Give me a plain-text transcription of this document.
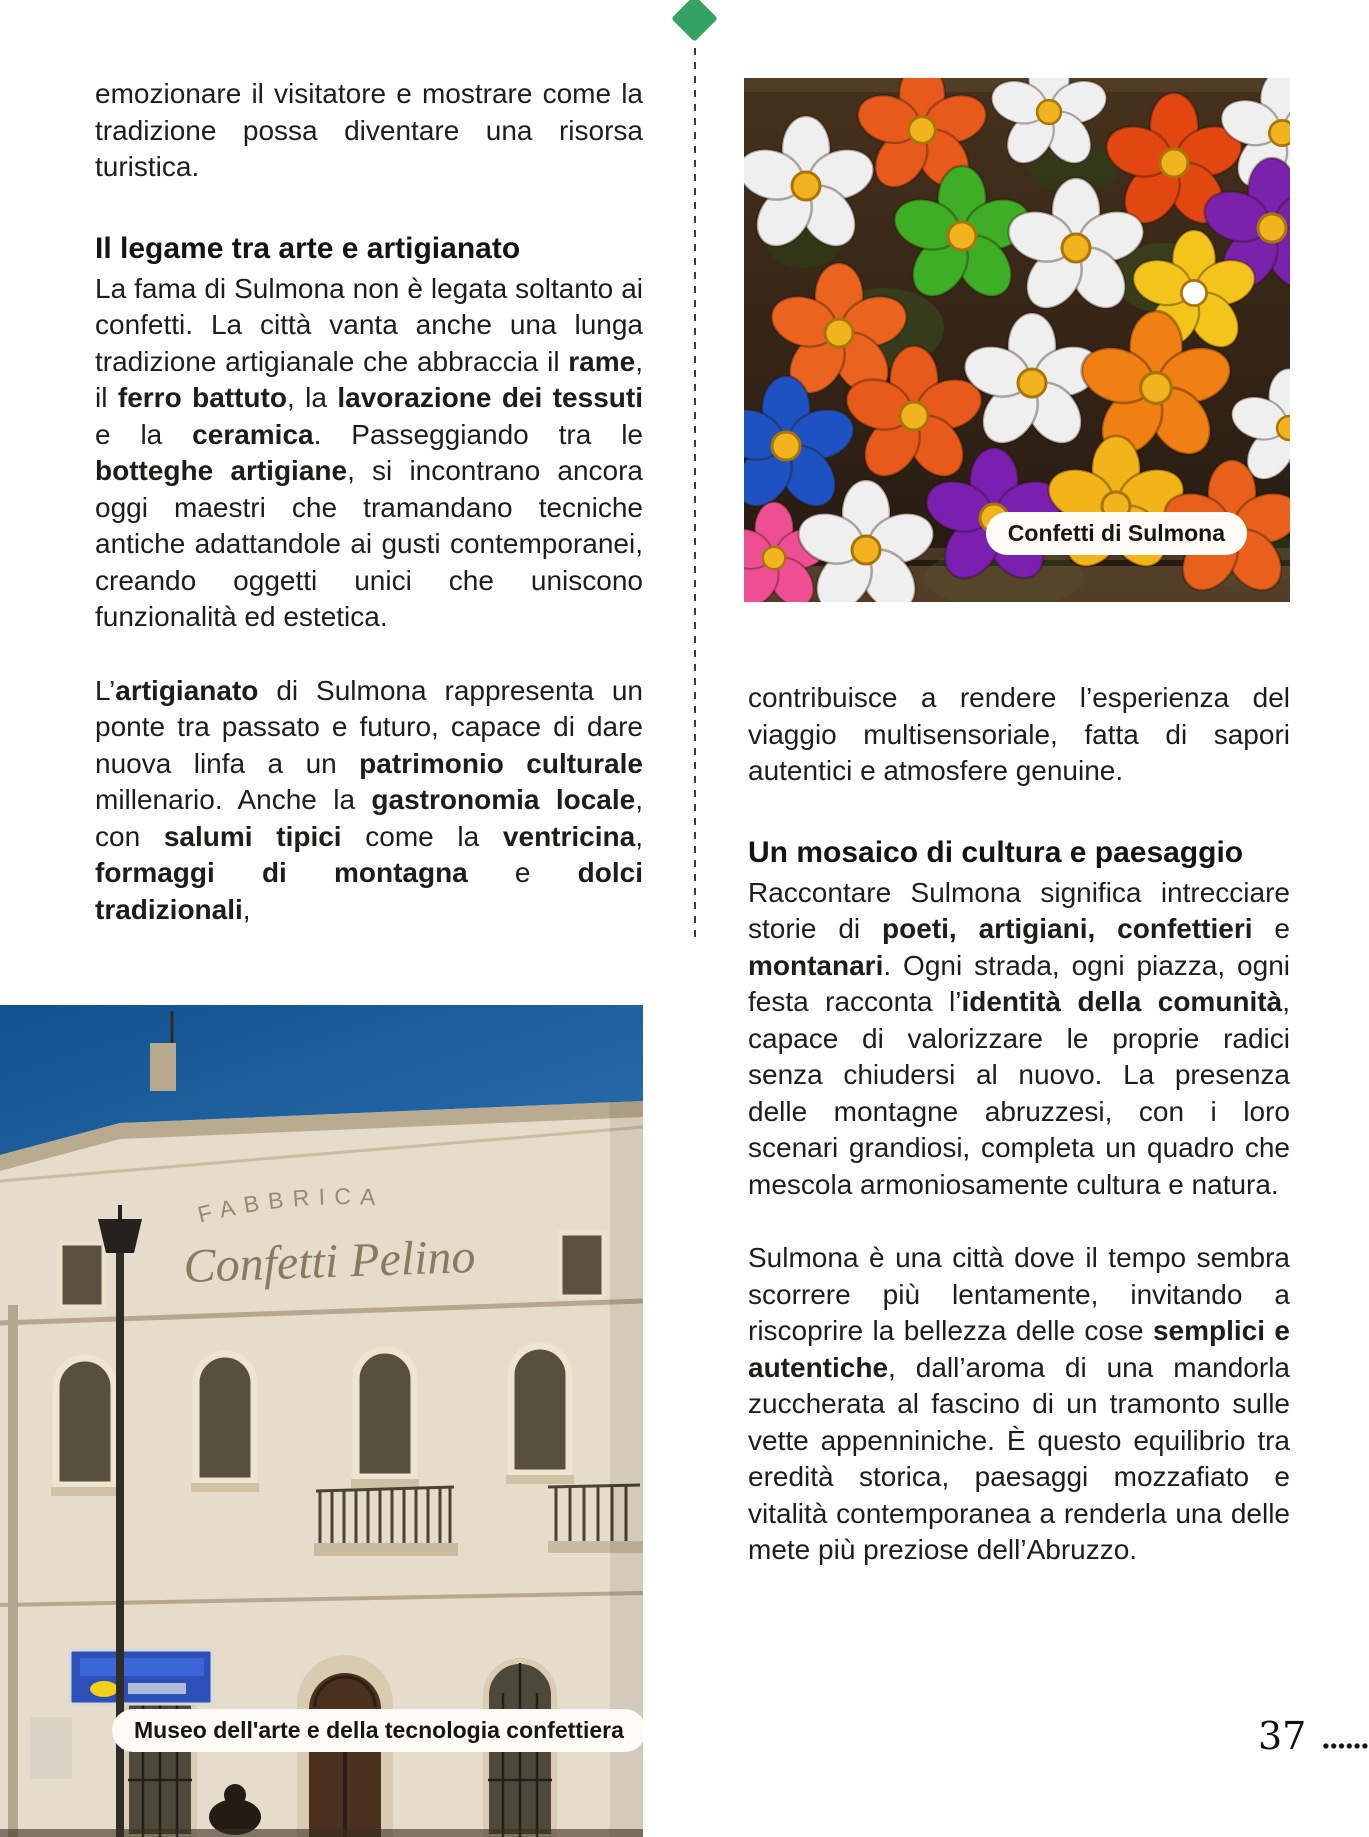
emozionare il visitatore e mostrare come la tradizione possa diventare una risorsa turistica.

Il legame tra arte e artigianato

La fama di Sulmona non è legata soltanto ai confetti. La città vanta anche una lunga tradizione artigianale che abbraccia il rame, il ferro battuto, la lavorazione dei tessuti e la ceramica. Passeggiando tra le botteghe artigiane, si incontrano ancora oggi maestri che tramandano tecniche antiche adattandole ai gusti contemporanei, creando oggetti unici che uniscono funzionalità ed estetica.

L’artigianato di Sulmona rappresenta un ponte tra passato e futuro, capace di dare nuova linfa a un patrimonio culturale millenario. Anche la gastronomia locale, con salumi tipici come la ventricina, formaggi di montagna e dolci tradizionali,

Confetti di Sulmona

contribuisce a rendere l’esperienza del viaggio multisensoriale, fatta di sapori autentici e atmosfere genuine.

Un mosaico di cultura e paesaggio

Raccontare Sulmona significa intrecciare storie di poeti, artigiani, confettieri e montanari. Ogni strada, ogni piazza, ogni festa racconta l’identità della comunità, capace di valorizzare le proprie radici senza chiudersi al nuovo. La presenza delle montagne abruzzesi, con i loro scenari grandiosi, completa un quadro che mescola armoniosamente cultura e natura.

Sulmona è una città dove il tempo sembra scorrere più lentamente, invitando a riscoprire la bellezza delle cose semplici e autentiche, dall’aroma di una mandorla zuccherata al fascino di un tramonto sulle vette appenniniche. È questo equilibrio tra eredità storica, paesaggi mozzafiato e vitalità contemporanea a renderla una delle mete più preziose dell’Abruzzo.

FABBRICA
Confetti Pelino
Museo dell'arte e della tecnologia confettiera	37
